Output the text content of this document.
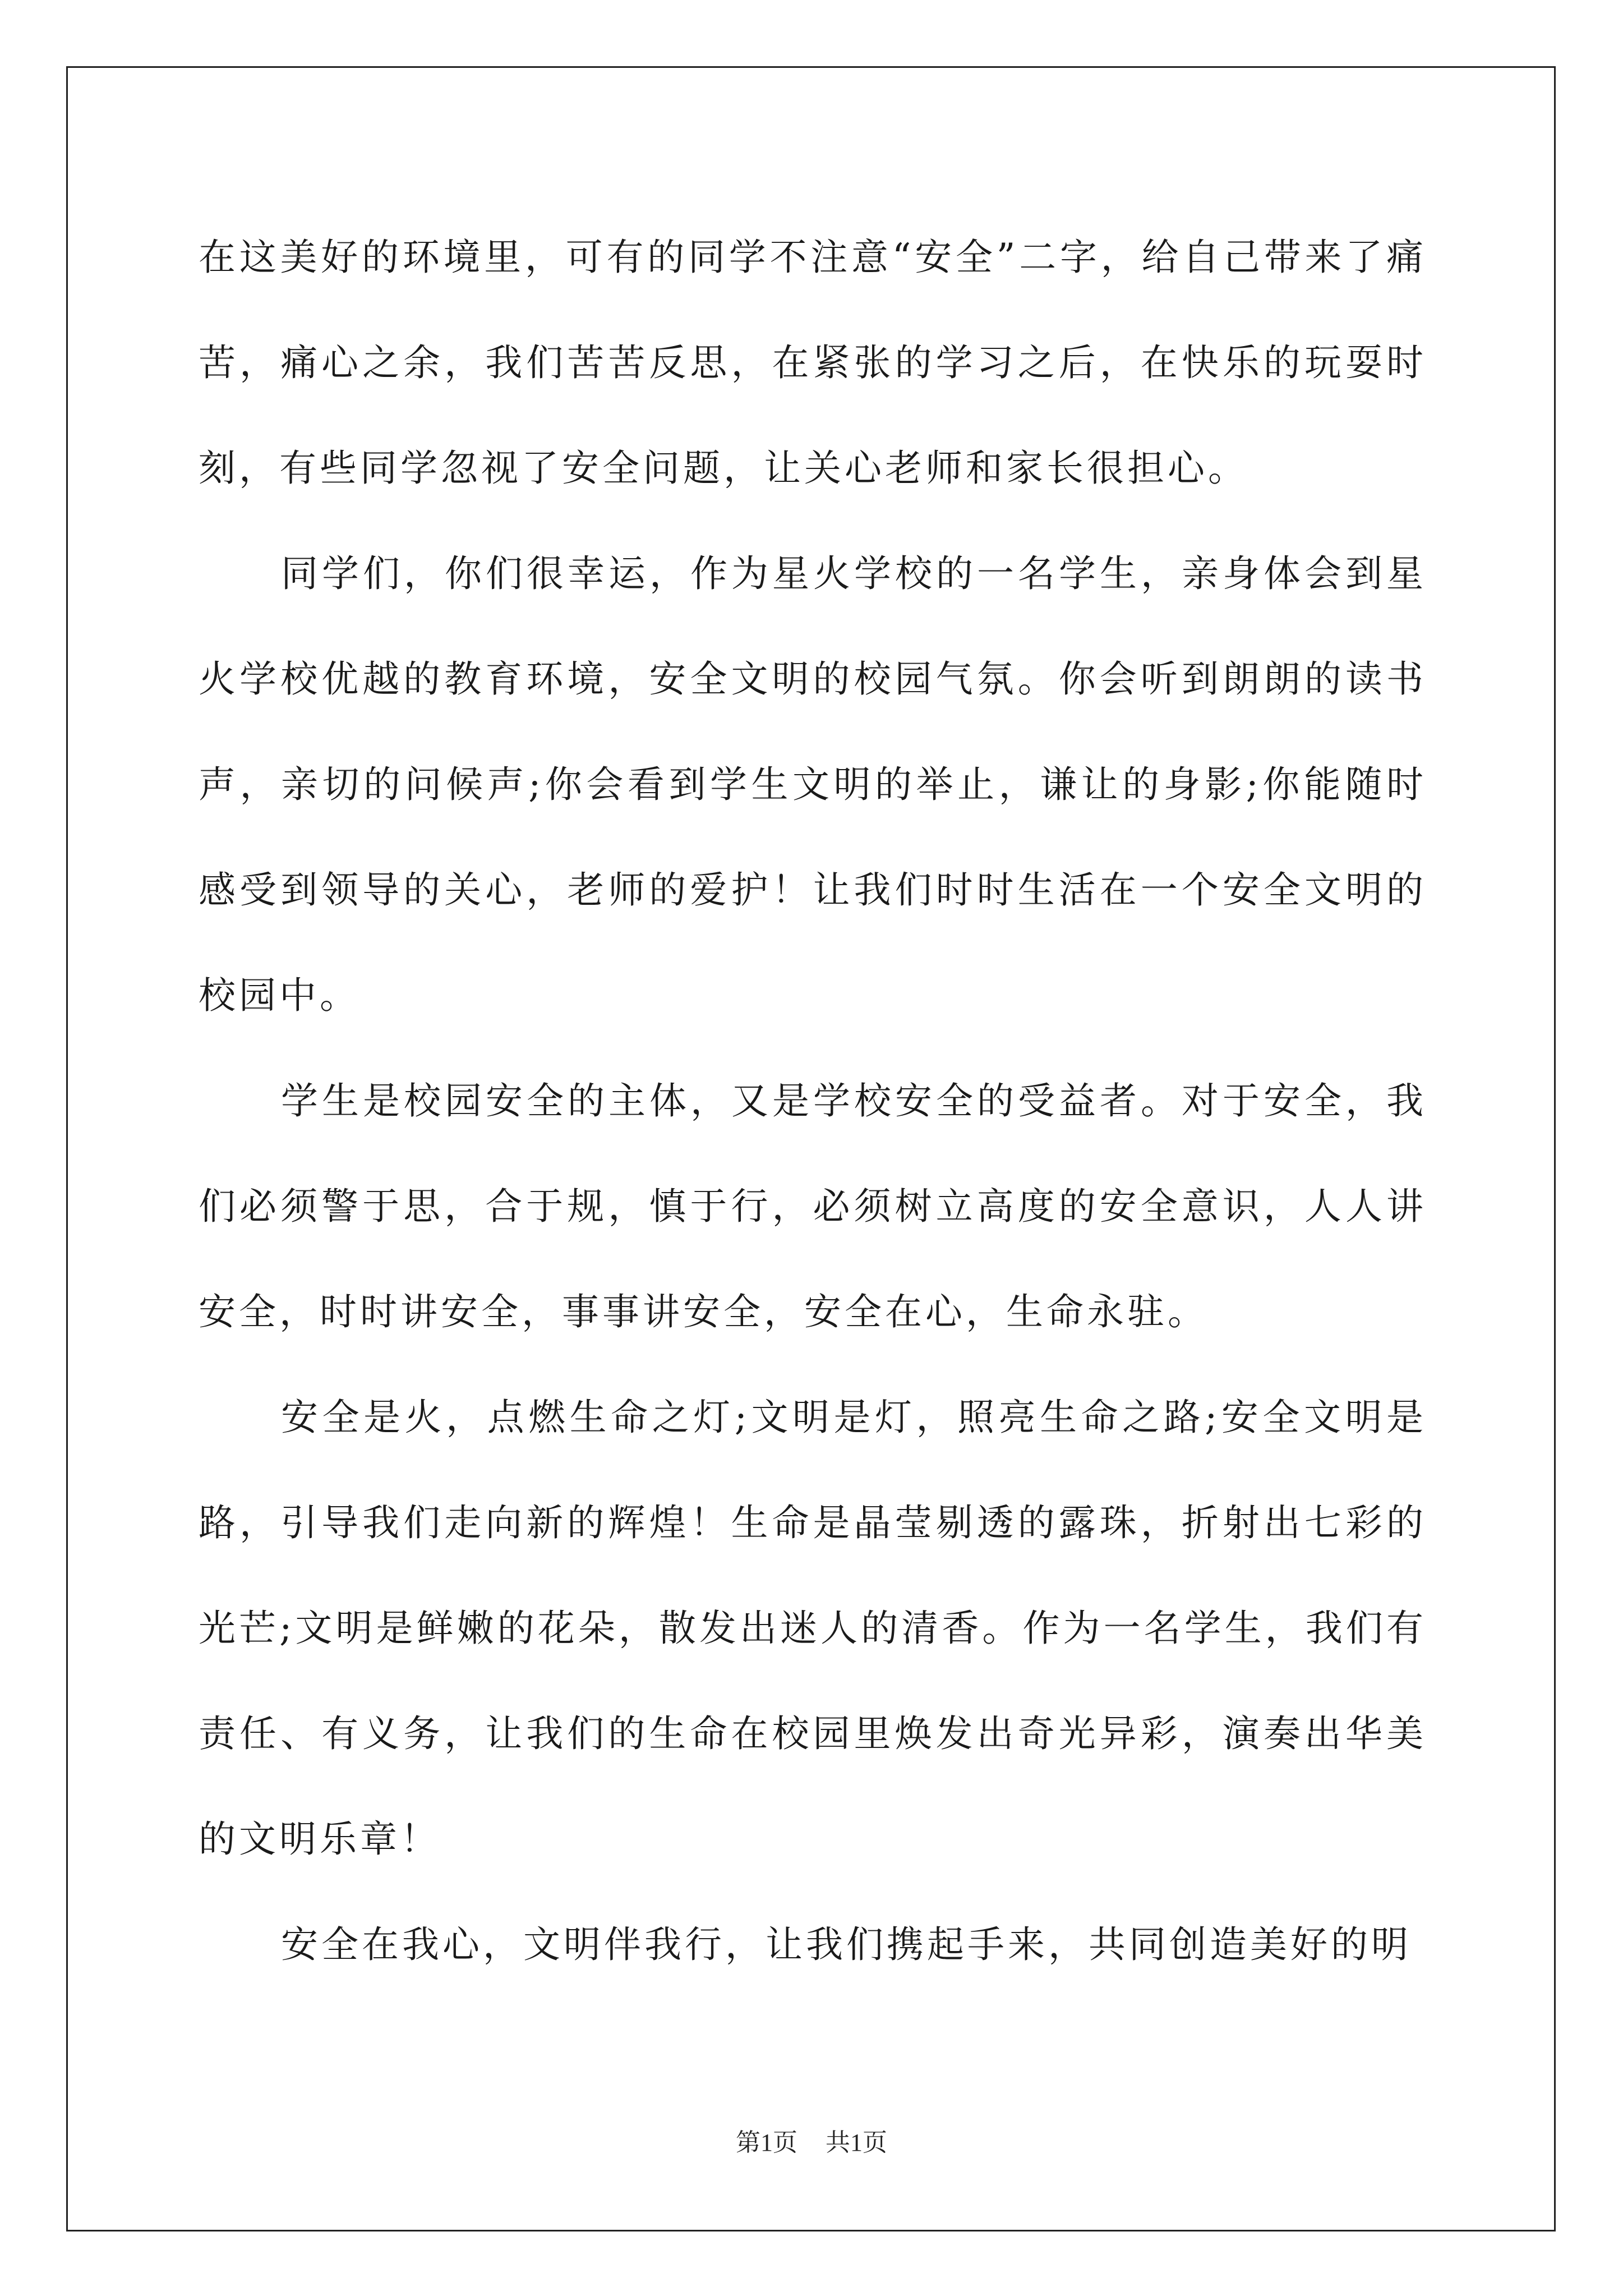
在这美好的环境里，可有的同学不注意“安全”二字，给自己带来了痛苦，痛心之余，我们苦苦反思，在紧张的学习之后，在快乐的玩耍时刻，有些同学忽视了安全问题，让关心老师和家长很担心。

同学们，你们很幸运，作为星火学校的一名学生，亲身体会到星火学校优越的教育环境，安全文明的校园气氛。你会听到朗朗的读书声，亲切的问候声;你会看到学生文明的举止，谦让的身影;你能随时感受到领导的关心，老师的爱护！让我们时时生活在一个安全文明的校园中。

学生是校园安全的主体，又是学校安全的受益者。对于安全，我们必须警于思，合于规，慎于行，必须树立高度的安全意识，人人讲安全，时时讲安全，事事讲安全，安全在心，生命永驻。

安全是火，点燃生命之灯;文明是灯，照亮生命之路;安全文明是路，引导我们走向新的辉煌！生命是晶莹剔透的露珠，折射出七彩的光芒;文明是鲜嫩的花朵，散发出迷人的清香。作为一名学生，我们有责任、有义务，让我们的生命在校园里焕发出奇光异彩，演奏出华美的文明乐章！

安全在我心，文明伴我行，让我们携起手来，共同创造美好的明

第1页 共1页
